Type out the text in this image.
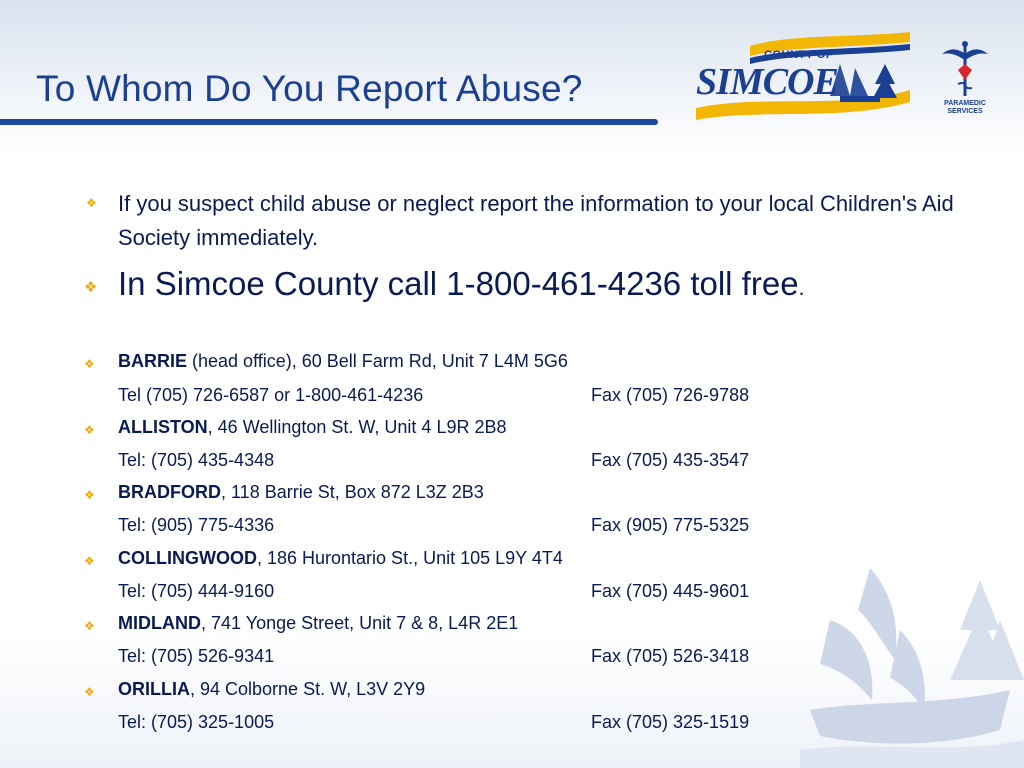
To Whom Do You Report Abuse?
COUNTY OF
SIMCOE
PARAMEDIC
SERVICES
❖ If you suspect child abuse or neglect report the information to your local Children's Aid Society immediately.
❖ In Simcoe County call 1-800-461-4236 toll free.
❖ BARRIE (head office), 60 Bell Farm Rd, Unit 7 L4M 5G6
Tel (705) 726-6587 or 1-800-461-4236	Fax (705) 726-9788
❖ ALLISTON, 46 Wellington St. W, Unit 4 L9R 2B8
Tel: (705) 435-4348	Fax (705) 435-3547
❖ BRADFORD, 118 Barrie St, Box 872 L3Z 2B3
Tel: (905) 775-4336	Fax (905) 775-5325
❖ COLLINGWOOD, 186 Hurontario St., Unit 105 L9Y 4T4
Tel: (705) 444-9160	Fax (705) 445-9601
❖ MIDLAND, 741 Yonge Street, Unit 7 & 8, L4R 2E1
Tel: (705) 526-9341	Fax (705) 526-3418
❖ ORILLIA, 94 Colborne St. W, L3V 2Y9
Tel: (705) 325-1005	Fax (705) 325-1519
